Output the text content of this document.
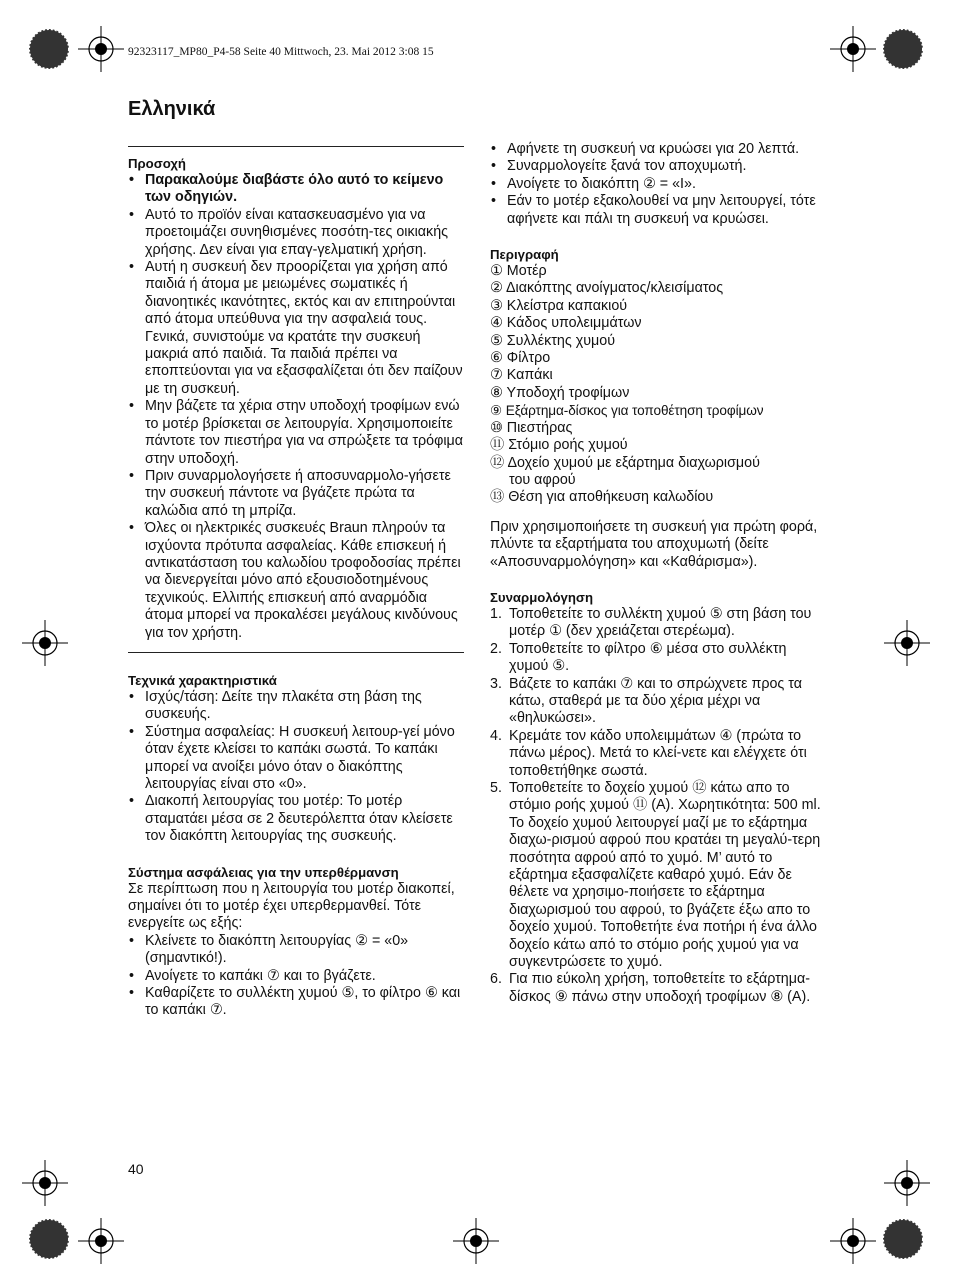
92323117_MP80_P4-58 Seite 40 Mittwoch, 23. Mai 2012 3:08 15
Ελληνικά
Προσοχή
• Παρακαλούμε διαβάστε όλο αυτό το κείμενο των οδηγιών.
• Αυτό το προϊόν είναι κατασκευασμένο για να προετοιμάζει συνηθισμένες ποσότη-τες οικιακής χρήσης. Δεν είναι για επαγ-γελματική χρήση.
• Αυτή η συσκευή δεν προορίζεται για χρήση από παιδιά ή άτομα με μειωμένες σωματικές ή διανοητικές ικανότητες, εκτός και αν επιτηρούνται από άτομα υπεύθυνα για την ασφαλειά τους. Γενικά, συνιστούμε να κρατάτε την συσκευή μακριά από παιδιά. Τα παιδιά πρέπει να εποπτεύονται για να εξασφαλίζεται ότι δεν παίζουν με τη συσκευή.
• Μην βάζετε τα χέρια στην υποδοχή τροφίμων ενώ το μοτέρ βρίσκεται σε λειτουργία. Χρησιμοποιείτε πάντοτε τον πιεστήρα για να σπρώξετε τα τρόφιμα στην υποδοχή.
• Πριν συναρμολογήσετε ή αποσυναρμολο-γήσετε την συσκευή πάντοτε να βγάζετε πρώτα τα καλώδια από τη μπρίζα.
• Όλες οι ηλεκτρικές συσκευές Braun πληρούν τα ισχύοντα πρότυπα ασφαλείας. Κάθε επισκευή ή αντικατάσταση του καλωδίου τροφοδοσίας πρέπει να διενεργείται μόνο από εξουσιοδοτημένους τεχνικούς. Ελλιπής επισκευή από αναρμόδια άτομα μπορεί να προκαλέσει μεγάλους κινδύνους για τον χρήστη.
Τεχνικά χαρακτηριστικά
• Ισχύς/τάση: Δείτε την πλακέτα στη βάση της συσκευής.
• Σύστημα ασφαλείας: Η συσκευή λειτουρ-γεί μόνο όταν έχετε κλείσει το καπάκι σωστά. Το καπάκι μπορεί να ανοίξει μόνο όταν ο διακόπτης λειτουργίας είναι στο «0».
• Διακοπή λειτουργίας του μοτέρ: Το μοτέρ σταματάει μέσα σε 2 δευτερόλεπτα όταν κλείσετε τον διακόπτη λειτουργίας της συσκευής.
Σύστημα ασφάλειας για την υπερθέρμανση

Σε περίπτωση που η λειτουργία του μοτέρ διακοπεί, σημαίνει ότι το μοτέρ έχει υπερθερμανθεί. Τότε ενεργείτε ως εξής:

• Κλείνετε το διακόπτη λειτουργίας ② = «0» (σημαντικό!).
• Ανοίγετε το καπάκι ⑦ και το βγάζετε.
• Καθαρίζετε το συλλέκτη χυμού ⑤, το φίλτρο ⑥ και το καπάκι ⑦.
• Αφήνετε τη συσκευή να κρυώσει για 20 λεπτά.
• Συναρμολογείτε ξανά τον αποχυμωτή.
• Ανοίγετε το διακόπτη ② = «I».
• Εάν το μοτέρ εξακολουθεί να μην λειτουργεί, τότε αφήνετε και πάλι τη συσκευή να κρυώσει.
Περιγραφή
① Μοτέρ
② Διακόπτης ανοίγματος/κλεισίματος
③ Κλείστρα καπακιού
④ Κάδος υπολειμμάτων
⑤ Συλλέκτης χυμού
⑥ Φίλτρο
⑦ Καπάκι
⑧ Υποδοχή τροφίμων
⑨ Εξάρτημα-δίσκος για τοποθέτηση τροφίμων
⑩ Πιεστήρας
⑪ Στόμιο ροής χυμού
⑫ Δοχείο χυμού με εξάρτημα διαχωρισμού
του αφρού
⑬ Θέση για αποθήκευση καλωδίου

Πριν χρησιμοποιήσετε τη συσκευή για πρώτη φορά, πλύντε τα εξαρτήματα του αποχυμωτή (δείτε «Αποσυναρμολόγηση» και «Καθάρισμα»).

Συναρμολόγηση
1. Τοποθετείτε το συλλέκτη χυμού ⑤ στη βάση του μοτέρ ① (δεν χρειάζεται στερέωμα).
2. Τοποθετείτε το φίλτρο ⑥ μέσα στο συλλέκτη χυμού ⑤.
3. Βάζετε το καπάκι ⑦ και το σπρώχνετε προς τα κάτω, σταθερά με τα δύο χέρια μέχρι να «θηλυκώσει».
4. Κρεμάτε τον κάδο υπολειμμάτων ④ (πρώτα το πάνω μέρος). Μετά το κλεί-νετε και ελέγχετε ότι τοποθετήθηκε σωστά.
5. Τοποθετείτε το δοχείο χυμού ⑫ κάτω απο το στόμιο ροής χυμού ⑪ (A). Χωρητικότητα: 500 ml. Το δοχείο χυμού λειτουργεί μαζί με το εξάρτημα διαχω-ρισμού αφρού που κρατάει τη μεγαλύ-τερη ποσότητα αφρού από το χυμό. Μ’ αυτό το εξάρτημα εξασφαλίζετε καθαρό χυμό. Εάν δε θέλετε να χρησιμο-ποιήσετε το εξάρτημα διαχωρισμού του αφρού, το βγάζετε έξω απο το δοχείο χυμού. Τοποθετήτε ένα ποτήρι ή ένα άλλο δοχείο κάτω από το στόμιο ροής χυμού για να συγκεντρώσετε το χυμό.
6. Για πιο εύκολη χρήση, τοποθετείτε το εξάρτημα-δίσκος ⑨ πάνω στην υποδοχή τροφίμων ⑧ (A).
40
